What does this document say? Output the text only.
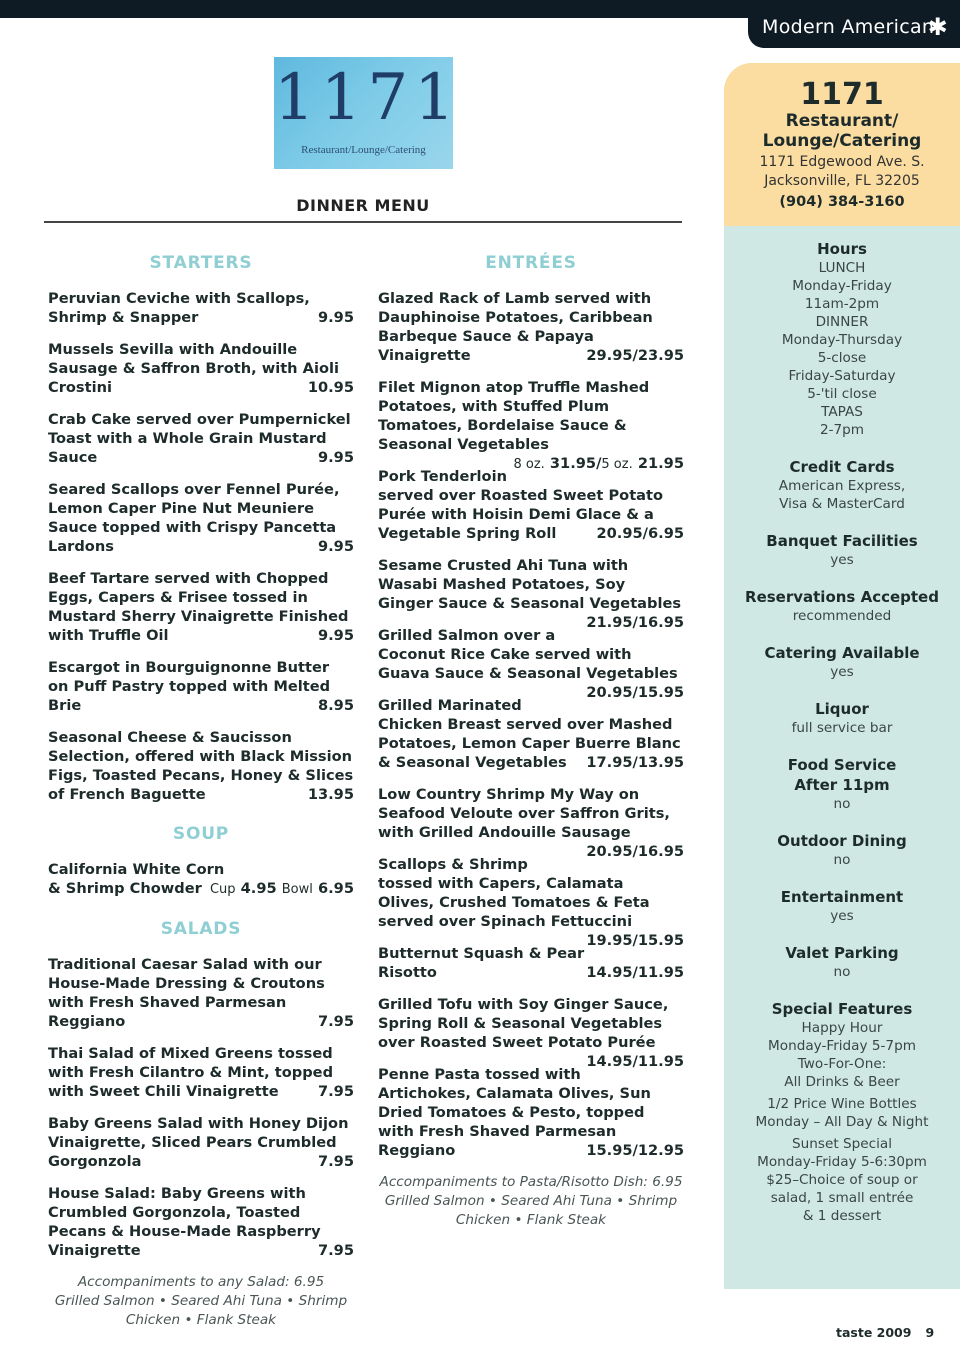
Modern American
✱
1171
Restaurant/Lounge/Catering
DINNER MENU
STARTERS
Peruvian Ceviche with Scallops, Shrimp & Snapper	9.95
Mussels Sevilla with Andouille Sausage & Saffron Broth, with Aioli Crostini	10.95
Crab Cake served over Pumpernickel Toast with a Whole Grain Mustard Sauce	9.95
Seared Scallops over Fennel Purée, Lemon Caper Pine Nut Meuniere Sauce topped with Crispy Pancetta Lardons	9.95
Beef Tartare served with Chopped Eggs, Capers & Frisee tossed in Mustard Sherry Vinaigrette Finished with Truffle Oil	9.95
Escargot in Bourguignonne Butter on Puff Pastry topped with Melted Brie	8.95
Seasonal Cheese & Saucisson Selection, offered with Black Mission Figs, Toasted Pecans, Honey & Slices of French Baguette	13.95
SOUP
California White Corn
& Shrimp Chowder Cup 4.95 Bowl 6.95
SALADS
Traditional Caesar Salad with our House-Made Dressing & Croutons with Fresh Shaved Parmesan Reggiano	7.95
Thai Salad of Mixed Greens tossed with Fresh Cilantro & Mint, topped with Sweet Chili Vinaigrette	7.95
Baby Greens Salad with Honey Dijon Vinaigrette, Sliced Pears Crumbled Gorgonzola	7.95
House Salad: Baby Greens with Crumbled Gorgonzola, Toasted Pecans & House-Made Raspberry Vinaigrette	7.95
Accompaniments to any Salad: 6.95
Grilled Salmon • Seared Ahi Tuna • Shrimp
Chicken • Flank Steak
ENTRÉES
Glazed Rack of Lamb served with Dauphinoise Potatoes, Caribbean Barbeque Sauce & Papaya Vinaigrette	29.95/23.95
Filet Mignon atop Truffle Mashed Potatoes, with Stuffed Plum Tomatoes, Bordelaise Sauce & Seasonal Vegetables
8 oz. 31.95/5 oz. 21.95
Pork Tenderloin served over Roasted Sweet Potato Purée with Hoisin Demi Glace & a Vegetable Spring Roll	20.95/6.95
Sesame Crusted Ahi Tuna with Wasabi Mashed Potatoes, Soy Ginger Sauce & Seasonal Vegetables
21.95/16.95
Grilled Salmon over a Coconut Rice Cake served with Guava Sauce & Seasonal Vegetables
20.95/15.95
Grilled Marinated Chicken Breast served over Mashed Potatoes, Lemon Caper Buerre Blanc & Seasonal Vegetables 17.95/13.95
Low Country Shrimp My Way on Seafood Veloute over Saffron Grits, with Grilled Andouille Sausage
20.95/16.95
Scallops & Shrimp tossed with Capers, Calamata Olives, Crushed Tomatoes & Feta served over Spinach Fettuccini
19.95/15.95
Butternut Squash & Pear Risotto	14.95/11.95
Grilled Tofu with Soy Ginger Sauce, Spring Roll & Seasonal Vegetables over Roasted Sweet Potato Purée
14.95/11.95
Penne Pasta tossed with Artichokes, Calamata Olives, Sun Dried Tomatoes & Pesto, topped with Fresh Shaved Parmesan Reggiano	15.95/12.95
Accompaniments to Pasta/Risotto Dish: 6.95
Grilled Salmon • Seared Ahi Tuna • Shrimp
Chicken • Flank Steak
1171
Restaurant/
Lounge/Catering
1171 Edgewood Ave. S.
Jacksonville, FL 32205
(904) 384-3160
Hours
LUNCH
Monday-Friday
11am-2pm
DINNER
Monday-Thursday
5-close
Friday-Saturday
5-'til close
TAPAS
2-7pm
Credit Cards
American Express,
Visa & MasterCard
Banquet Facilities
yes
Reservations Accepted
recommended
Catering Available
yes
Liquor
full service bar
Food Service
After 11pm
no
Outdoor Dining
no
Entertainment
yes
Valet Parking
no
Special Features
Happy Hour
Monday-Friday 5-7pm
Two-For-One:
All Drinks & Beer
1/2 Price Wine Bottles
Monday – All Day & Night
Sunset Special
Monday-Friday 5-6:30pm
$25–Choice of soup or
salad, 1 small entrée
& 1 dessert
taste 2009 9
